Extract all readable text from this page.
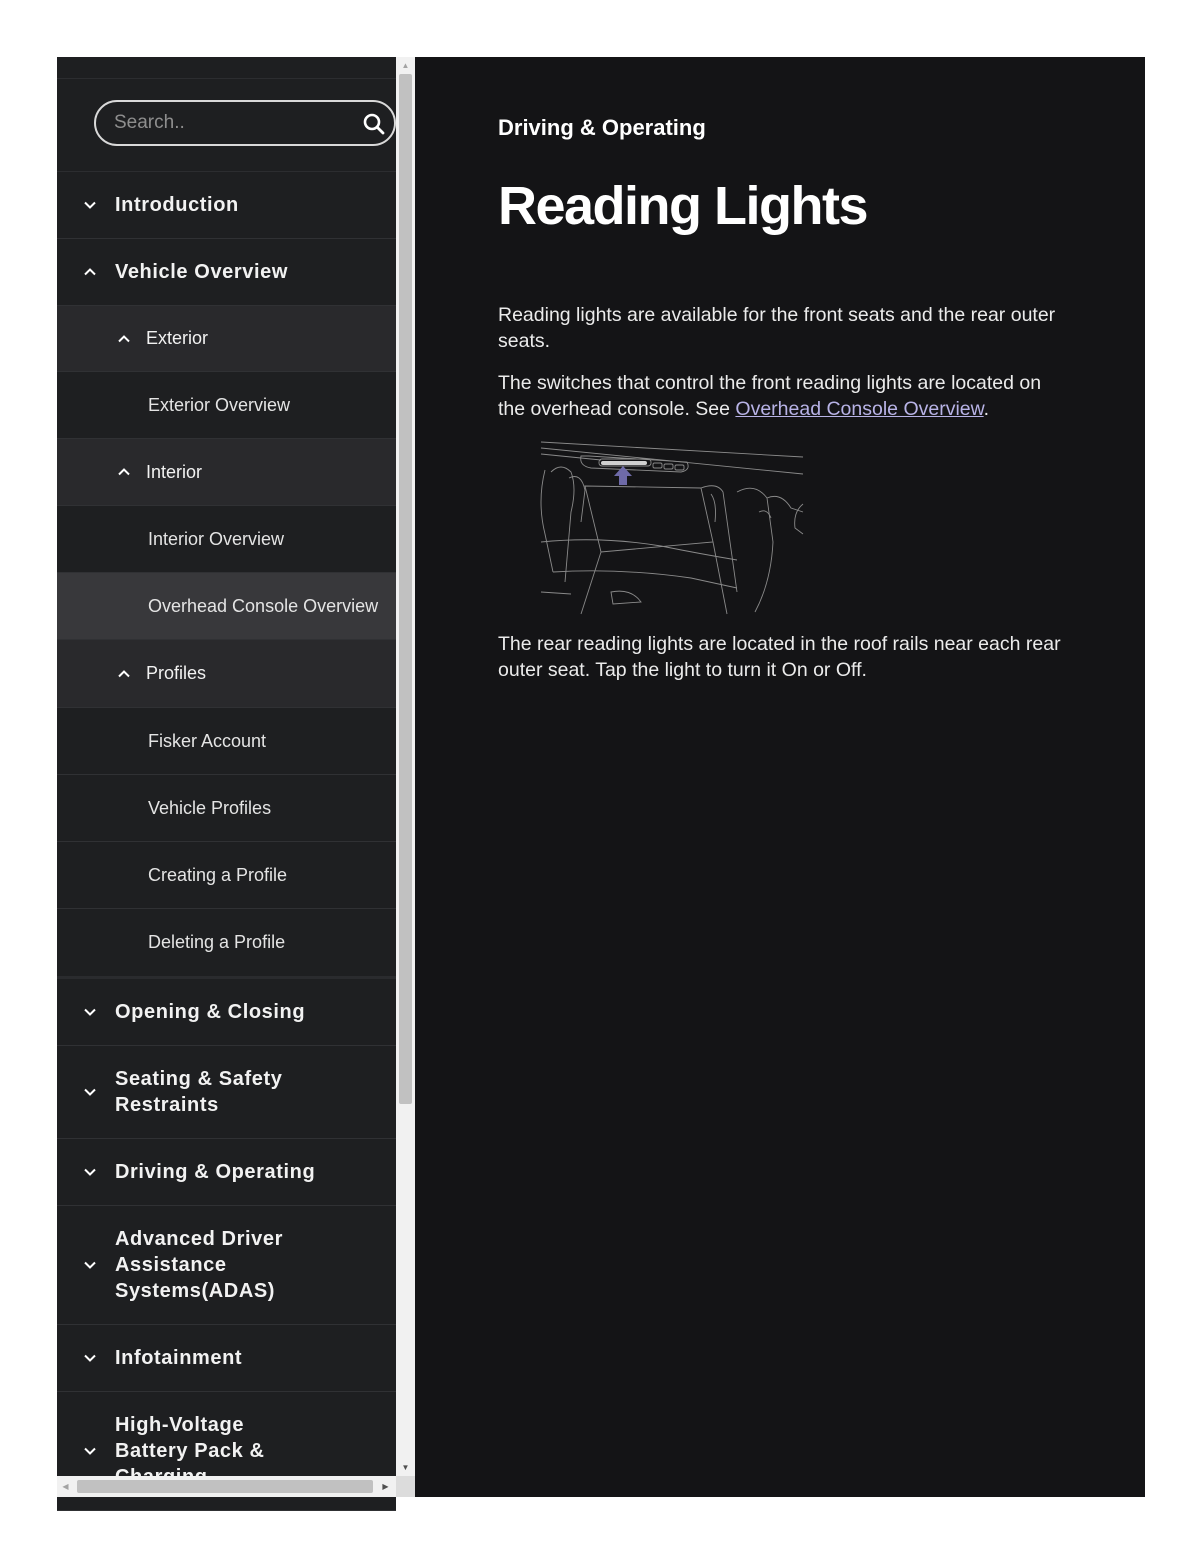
Search..
Introduction
Vehicle Overview
Exterior
Exterior Overview
Interior
Interior Overview
Overhead Console Overview
Profiles
Fisker Account
Vehicle Profiles
Creating a Profile
Deleting a Profile
Opening & Closing
Seating & Safety Restraints
Driving & Operating
Advanced Driver Assistance Systems(ADAS)
Infotainment
High-Voltage Battery Pack &
▲
▼
◀	▶
Driving & Operating
Reading Lights

Reading lights are available for the front seats and the rear outer seats.

The switches that control the front reading lights are located on the overhead console. See Overhead Console Overview.

The rear reading lights are located in the roof rails near each rear outer seat. Tap the light to turn it On or Off.
